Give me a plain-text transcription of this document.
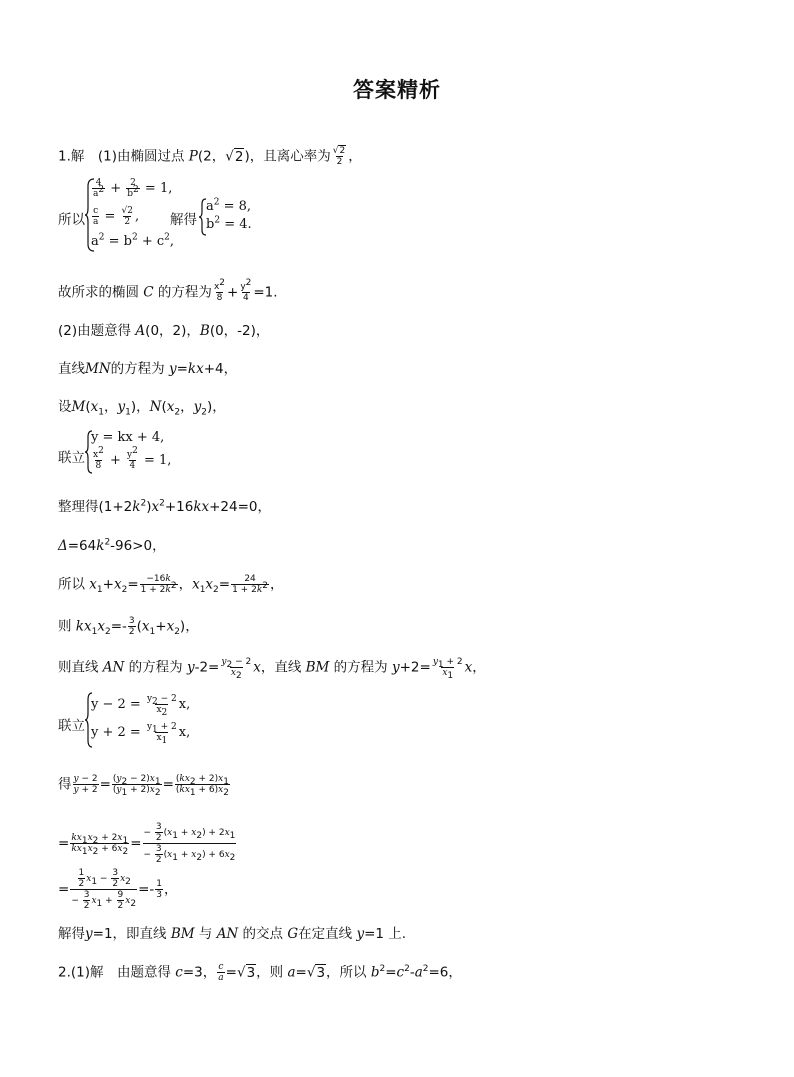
答案精析
1.解　(1)由椭圆过点 P(2，√2)，且离心率为 $\frac{√2}{2}$ ，
所以
$\frac{4}{a^2} + \frac{2}{b^2} = 1$,
$\frac{c}{a} = \frac{√2}{2}$ ,
$a^2 = b^2 + c^2$,
解得
$a^2 = 8$,
$b^2 = 4$.
故所求的椭圆 C 的方程为 $\frac{x^2}{8} + \frac{y^2}{4} =1$.
(2)由题意得 A(0，2)，B(0，-2)，
直线MN的方程为 y=kx+4，
设$M(x_1$，$y_1$)，$N(x_2$，$y_2$)，
联立
y = kx + 4,
$\frac{x^2}{8} + \frac{y^2}{4} = 1$,
整理得$(1+2k^2)x^2+16kx+24=0$，
$\Delta=64k^2-96>0$，
所以 $x_1+x_2= \frac{-16k}{1 + 2k^2}$ ，$x_1x_2= \frac{24}{1 + 2k^2}$ ，
则 $kx_1x_2=- \frac{3}{2} (x_1+x_2)$，
则直线 AN 的方程为 $y-2= \frac{y_2 - 2}{x_2}$ x，直线 BM 的方程为 $y+2= \frac{y_1 + 2}{x_1}$ x，
联立
$y - 2 = \frac{y_2 - 2}{x_2} x$,
$y + 2 = \frac{y_1 + 2}{x_1} x$,
得 $\frac{y - 2}{y + 2} = \frac{(y_2 - 2)x_1}{(y_1 + 2)x_2} = \frac{(kx_2 + 2)x_1}{(kx_1 + 6)x_2}$
= $\frac{kx_1x_2 + 2x_1}{kx_1x_2 + 6x_2} = \frac{- \frac{3}{2} (x_1 + x_2) + 2x_1}{- \frac{3}{2} (x_1 + x_2) + 6x_2}$
= $\frac{\frac{1}{2} x_1 - \frac{3}{2} x_2}{- \frac{3}{2} x_1 + \frac{9}{2} x_2} =- \frac{1}{3}$ ，
解得y=1，即直线 BM 与 AN 的交点 G在定直线 y=1 上.
2.(1)解　由题意得 c=3， $\frac{c}{a} =√3$，则 a=√3，所以 $b^2=c^2-a^2=6$，
